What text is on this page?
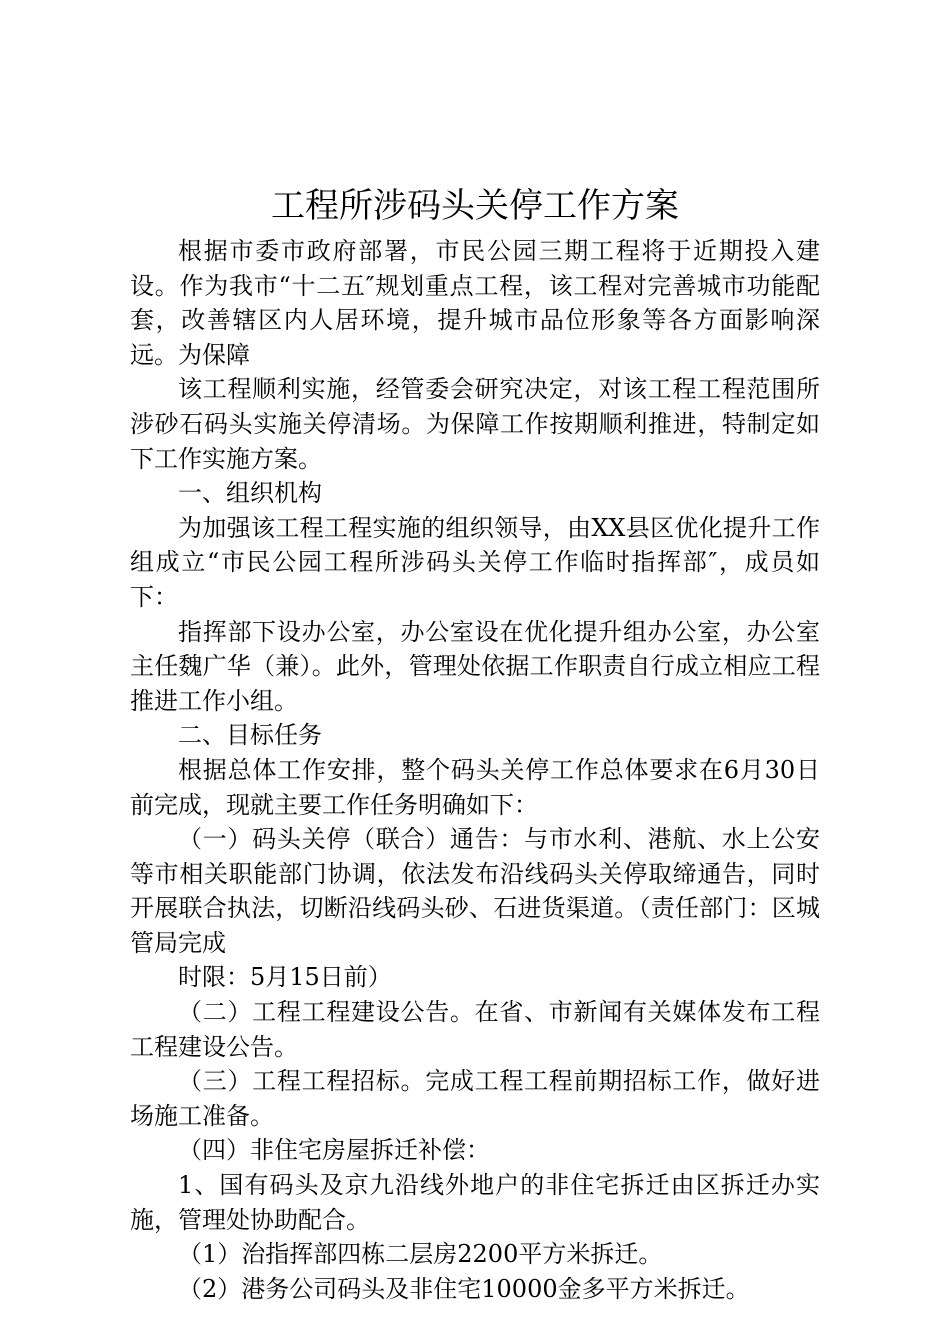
工程所涉码头关停工作方案

根据市委市政府部署，市民公园三期工程将于近期投入建设。作为我市“十二五″规划重点工程，该工程对完善城市功能配套，改善辖区内人居环境，提升城市品位形象等各方面影响深远。为保障

该工程顺利实施，经管委会研究决定，对该工程工程范围所涉砂石码头实施关停清场。为保障工作按期顺利推进，特制定如下工作实施方案。

一、组织机构

为加强该工程工程实施的组织领导，由XX县区优化提升工作组成立“市民公园工程所涉码头关停工作临时指挥部″，成员如下：

指挥部下设办公室，办公室设在优化提升组办公室，办公室主任魏广华（兼）。此外，管理处依据工作职责自行成立相应工程推进工作小组。

二、目标任务

根据总体工作安排，整个码头关停工作总体要求在6月30日前完成，现就主要工作任务明确如下：

（一）码头关停（联合）通告：与市水利、港航、水上公安等市相关职能部门协调，依法发布沿线码头关停取缔通告，同时开展联合执法，切断沿线码头砂、石进货渠道。（责任部门：区城管局完成

时限：5月15日前）

（二）工程工程建设公告。在省、市新闻有关媒体发布工程工程建设公告。

（三）工程工程招标。完成工程工程前期招标工作，做好进场施工准备。

（四）非住宅房屋拆迁补偿：

1、国有码头及京九沿线外地户的非住宅拆迁由区拆迁办实施，管理处协助配合。

（1）治指挥部四栋二层房2200平方米拆迁。

（2）港务公司码头及非住宅10000金多平方米拆迁。
